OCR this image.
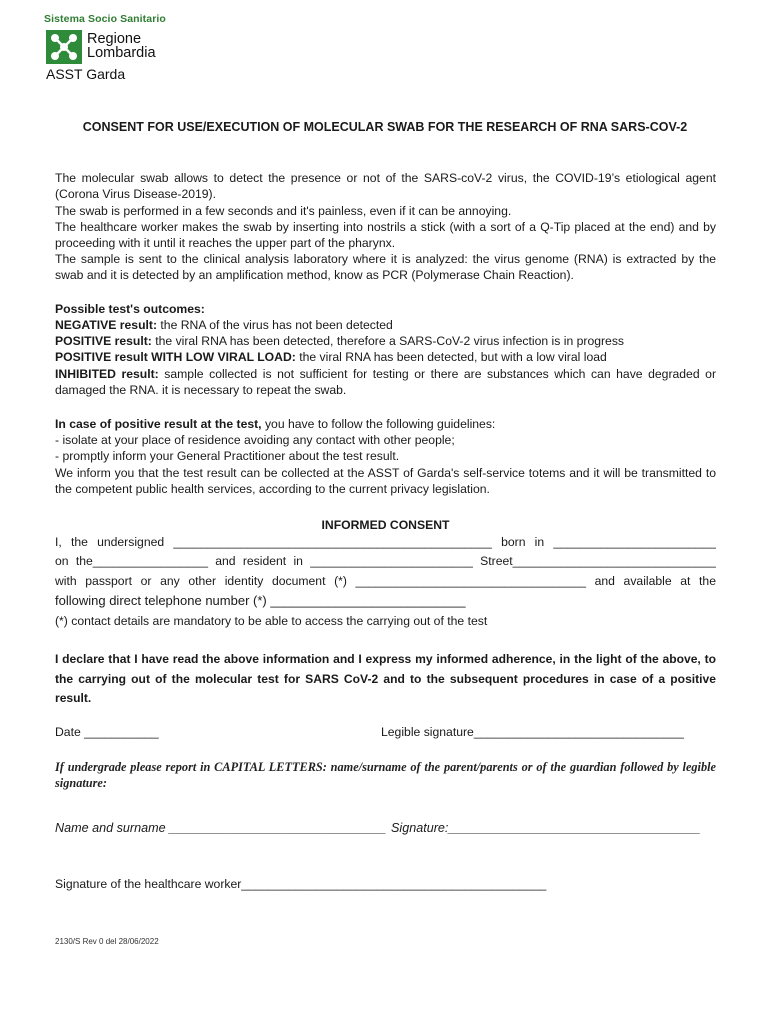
Sistema Socio Sanitario
Regione
Lombardia
ASST Garda
CONSENT FOR USE/EXECUTION OF MOLECULAR SWAB FOR THE RESEARCH OF RNA SARS-COV-2
The molecular swab allows to detect the presence or not of the SARS-coV-2 virus, the COVID-19’s etiological agent (Corona Virus Disease-2019).
The swab is performed in a few seconds and it's painless, even if it can be annoying.
The healthcare worker makes the swab by inserting into nostrils a stick (with a sort of a Q-Tip placed at the end) and by proceeding with it until it reaches the upper part of the pharynx.
The sample is sent to the clinical analysis laboratory where it is analyzed: the virus genome (RNA) is extracted by the swab and it is detected by an amplification method, know as PCR (Polymerase Chain Reaction).
Possible test's outcomes:
NEGATIVE result: the RNA of the virus has not been detected
POSITIVE result: the viral RNA has been detected, therefore a SARS-CoV-2 virus infection is in progress
POSITIVE result WITH LOW VIRAL LOAD: the viral RNA has been detected, but with a low viral load
INHIBITED result: sample collected is not sufficient for testing or there are substances which can have degraded or damaged the RNA. it is necessary to repeat the swab.
In case of positive result at the test, you have to follow the following guidelines:
- isolate at your place of residence avoiding any contact with other people;
- promptly inform your General Practitioner about the test result.
We inform you that the test result can be collected at the ASST of Garda's self-service totems and it will be transmitted to the competent public health services, according to the current privacy legislation.
INFORMED CONSENT
I, the undersigned _______________________________________________ born in ________________________
on the_________________ and resident in ________________________ Street______________________________
with passport or any other identity document (*) __________________________________ and available at the
following direct telephone number (*) ___________________________
(*) contact details are mandatory to be able to access the carrying out of the test
I declare that I have read the above information and I express my informed adherence, in the light of the above, to the carrying out of the molecular test for SARS CoV-2 and to the subsequent procedures in case of a positive result.
Date ___________	Legible signature_______________________________
If undergrade please report in CAPITAL LETTERS: name/surname of the parent/parents or of the guardian followed by legible signature:
Name and surname _______________________________ Signature:____________________________________
Signature of the healthcare worker_____________________________________________
2130/S Rev 0 del 28/06/2022
